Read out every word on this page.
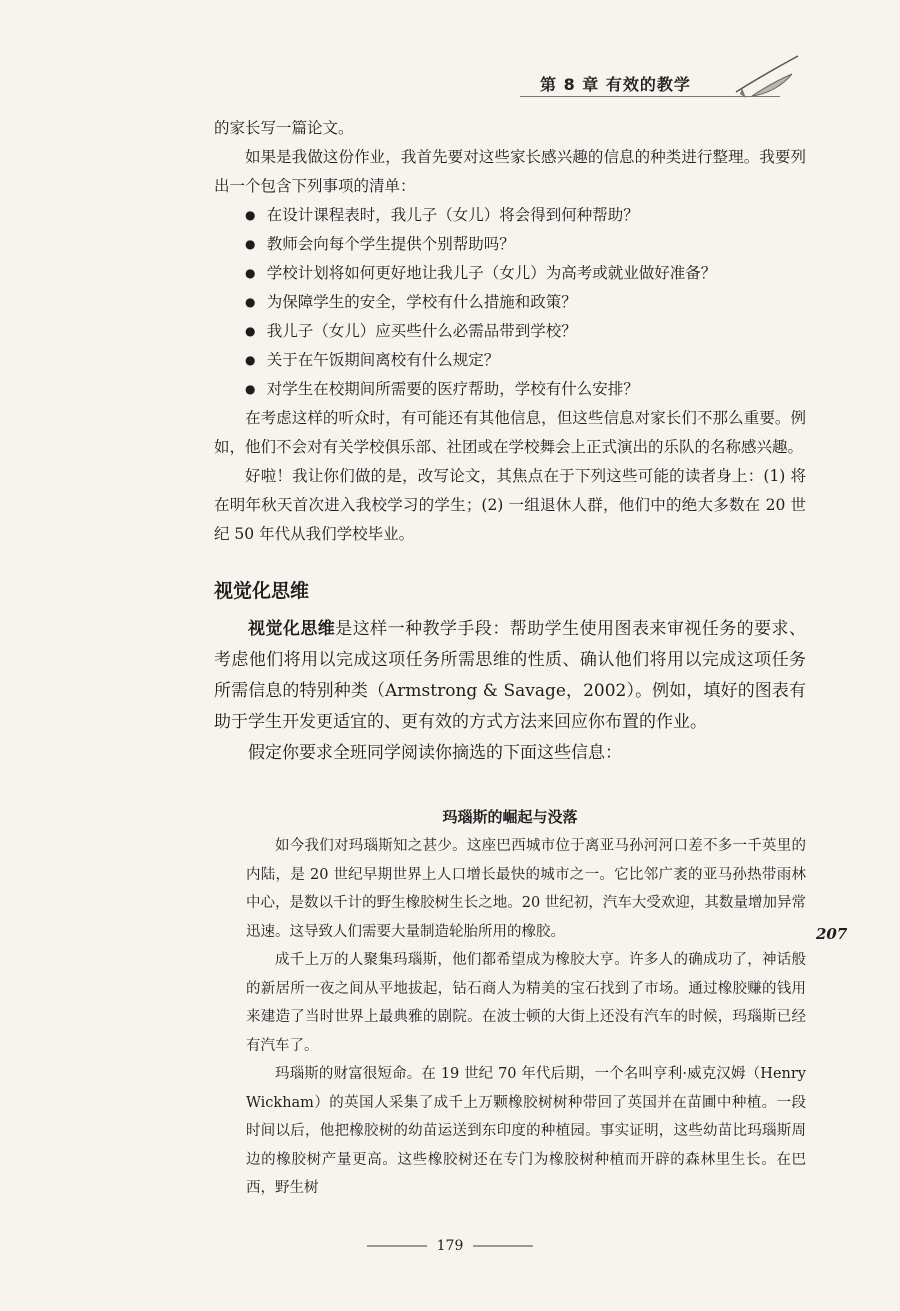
第 8 章 有效的教学

的家长写一篇论文。

如果是我做这份作业，我首先要对这些家长感兴趣的信息的种类进行整理。我要列出一个包含下列事项的清单：

● 在设计课程表时，我儿子（女儿）将会得到何种帮助？
● 教师会向每个学生提供个别帮助吗？
● 学校计划将如何更好地让我儿子（女儿）为高考或就业做好准备？
● 为保障学生的安全，学校有什么措施和政策？
● 我儿子（女儿）应买些什么必需品带到学校？
● 关于在午饭期间离校有什么规定？
● 对学生在校期间所需要的医疗帮助，学校有什么安排？

在考虑这样的听众时，有可能还有其他信息，但这些信息对家长们不那么重要。例如，他们不会对有关学校俱乐部、社团或在学校舞会上正式演出的乐队的名称感兴趣。

好啦！我让你们做的是，改写论文，其焦点在于下列这些可能的读者身上：(1) 将在明年秋天首次进入我校学习的学生；(2) 一组退休人群，他们中的绝大多数在 20 世纪 50 年代从我们学校毕业。

视觉化思维

视觉化思维是这样一种教学手段：帮助学生使用图表来审视任务的要求、考虑他们将用以完成这项任务所需思维的性质、确认他们将用以完成这项任务所需信息的特别种类（Armstrong & Savage，2002）。例如，填好的图表有助于学生开发更适宜的、更有效的方式方法来回应你布置的作业。

假定你要求全班同学阅读你摘选的下面这些信息：

玛瑙斯的崛起与没落

如今我们对玛瑙斯知之甚少。这座巴西城市位于离亚马孙河河口差不多一千英里的内陆，是 20 世纪早期世界上人口增长最快的城市之一。它比邻广袤的亚马孙热带雨林中心，是数以千计的野生橡胶树生长之地。20 世纪初，汽车大受欢迎，其数量增加异常迅速。这导致人们需要大量制造轮胎所用的橡胶。

成千上万的人聚集玛瑙斯，他们都希望成为橡胶大亨。许多人的确成功了，神话般的新居所一夜之间从平地拔起，钻石商人为精美的宝石找到了市场。通过橡胶赚的钱用来建造了当时世界上最典雅的剧院。在波士顿的大街上还没有汽车的时候，玛瑙斯已经有汽车了。

玛瑙斯的财富很短命。在 19 世纪 70 年代后期，一个名叫亨利·威克汉姆（Henry Wickham）的英国人采集了成千上万颗橡胶树树种带回了英国并在苗圃中种植。一段时间以后，他把橡胶树的幼苗运送到东印度的种植园。事实证明，这些幼苗比玛瑙斯周边的橡胶树产量更高。这些橡胶树还在专门为橡胶树种植而开辟的森林里生长。在巴西，野生树

207
179
